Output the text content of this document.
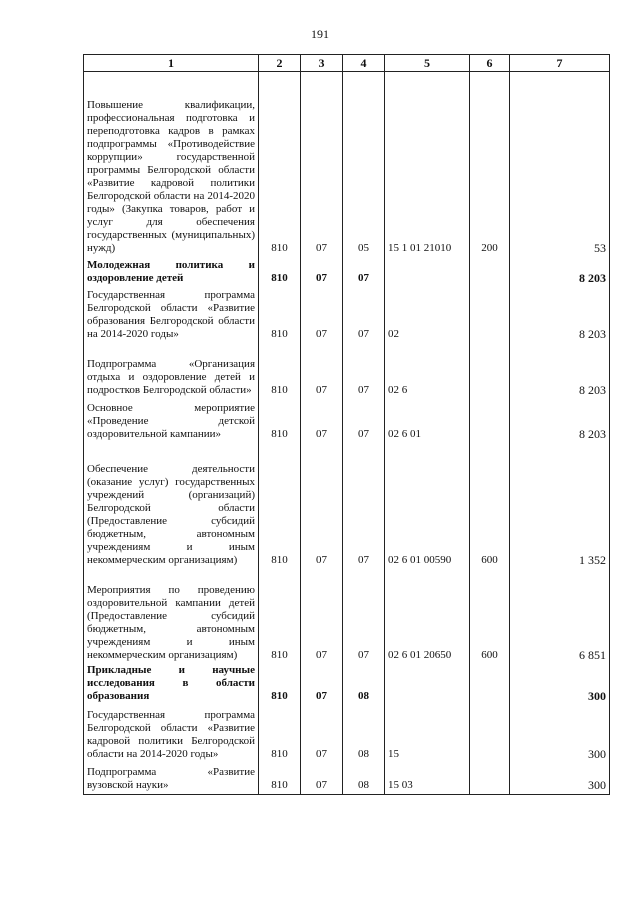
191
1	2	3	4	5	6	7
Повышение квалификации, профессиональная подготовка и переподготовка кадров в рамках подпрограммы «Противодействие коррупции» государственной программы Белгородской области «Развитие кадровой политики Белгородской области на 2014-2020 годы» (Закупка товаров, работ и услуг для обеспечения государственных (муниципальных) нужд)	810	07	05	15 1 01 21010	200	53
Молодежная политика и оздоровление детей	810	07	07			8 203
Государственная программа Белгородской области «Развитие образования Белгородской области на 2014-2020 годы»	810	07	07	02		8 203
Подпрограмма «Организация отдыха и оздоровление детей и подростков Белгородской области»	810	07	07	02 6		8 203
Основное мероприятие «Проведение детской оздоровительной кампании»	810	07	07	02 6 01		8 203
Обеспечение деятельности (оказание услуг) государственных учреждений (организаций) Белгородской области (Предоставление субсидий бюджетным, автономным учреждениям и иным некоммерческим организациям)	810	07	07	02 6 01 00590	600	1 352
Мероприятия по проведению оздоровительной кампании детей (Предоставление субсидий бюджетным, автономным учреждениям и иным некоммерческим организациям)	810	07	07	02 6 01 20650	600	6 851
Прикладные и научные исследования в области образования	810	07	08			300
Государственная программа Белгородской области «Развитие кадровой политики Белгородской области на 2014-2020 годы»	810	07	08	15		300
Подпрограмма «Развитие вузовской науки»	810	07	08	15 03		300
